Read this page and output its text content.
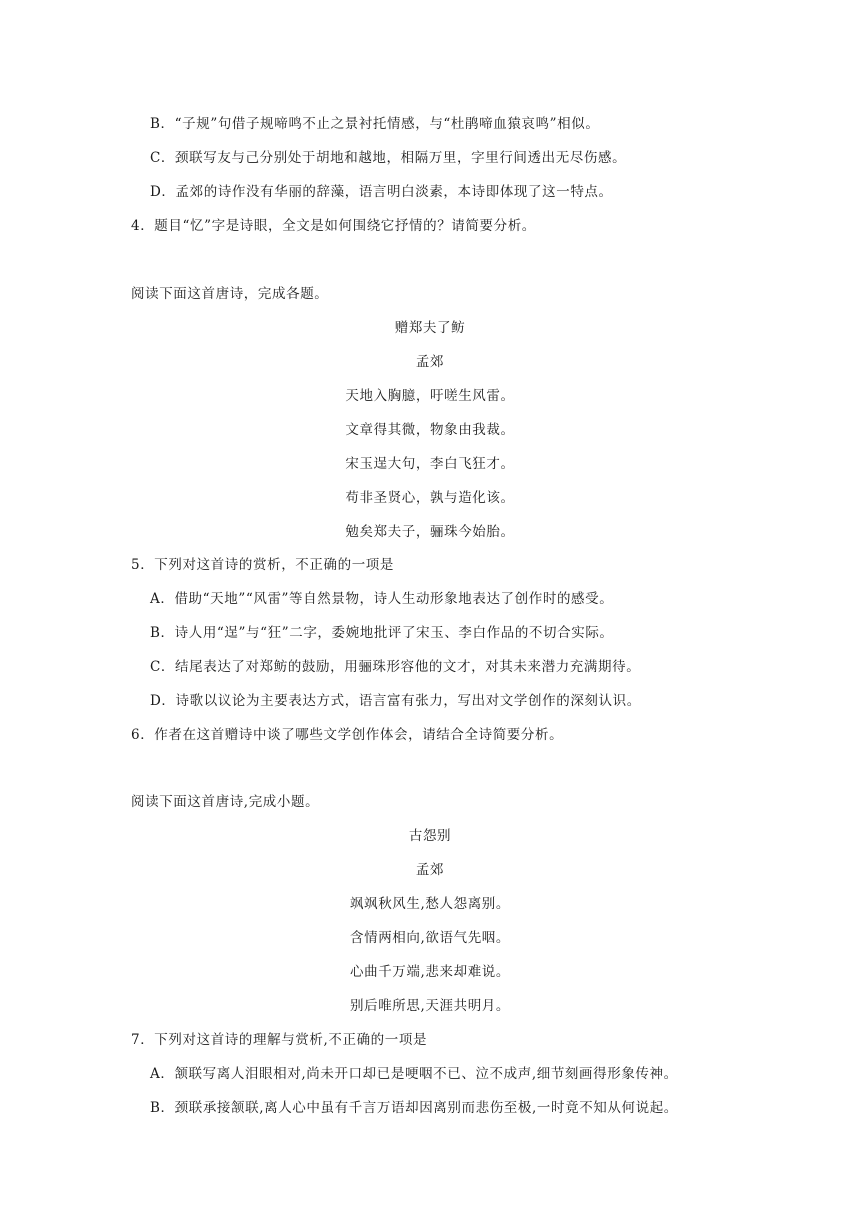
B．“子规”句借子规啼鸣不止之景衬托情感，与“杜鹃啼血猿哀鸣”相似。
C．颈联写友与己分别处于胡地和越地，相隔万里，字里行间透出无尽伤感。
D．孟郊的诗作没有华丽的辞藻，语言明白淡素，本诗即体现了这一特点。
4．题目“忆”字是诗眼，全文是如何围绕它抒情的？请简要分析。
阅读下面这首唐诗，完成各题。
赠郑夫了鲂
孟郊
天地入胸臆，吁嗟生风雷。
文章得其微，物象由我裁。
宋玉逞大句，李白飞狂才。
苟非圣贤心，孰与造化该。
勉矣郑夫子，骊珠今始胎。
5．下列对这首诗的赏析，不正确的一项是
A．借助“天地”“风雷”等自然景物，诗人生动形象地表达了创作时的感受。
B．诗人用“逞”与“狂”二字，委婉地批评了宋玉、李白作品的不切合实际。
C．结尾表达了对郑鲂的鼓励，用骊珠形容他的文才，对其未来潜力充满期待。
D．诗歌以议论为主要表达方式，语言富有张力，写出对文学创作的深刻认识。
6．作者在这首赠诗中谈了哪些文学创作体会，请结合全诗简要分析。
阅读下面这首唐诗,完成小题。
古怨别
孟郊
飒飒秋风生,愁人怨离别。
含情两相向,欲语气先咽。
心曲千万端,悲来却难说。
别后唯所思,天涯共明月。
7．下列对这首诗的理解与赏析,不正确的一项是
A．颔联写离人泪眼相对,尚未开口却已是哽咽不已、泣不成声,细节刻画得形象传神。
B．颈联承接颔联,离人心中虽有千言万语却因离别而悲伤至极,一时竟不知从何说起。
